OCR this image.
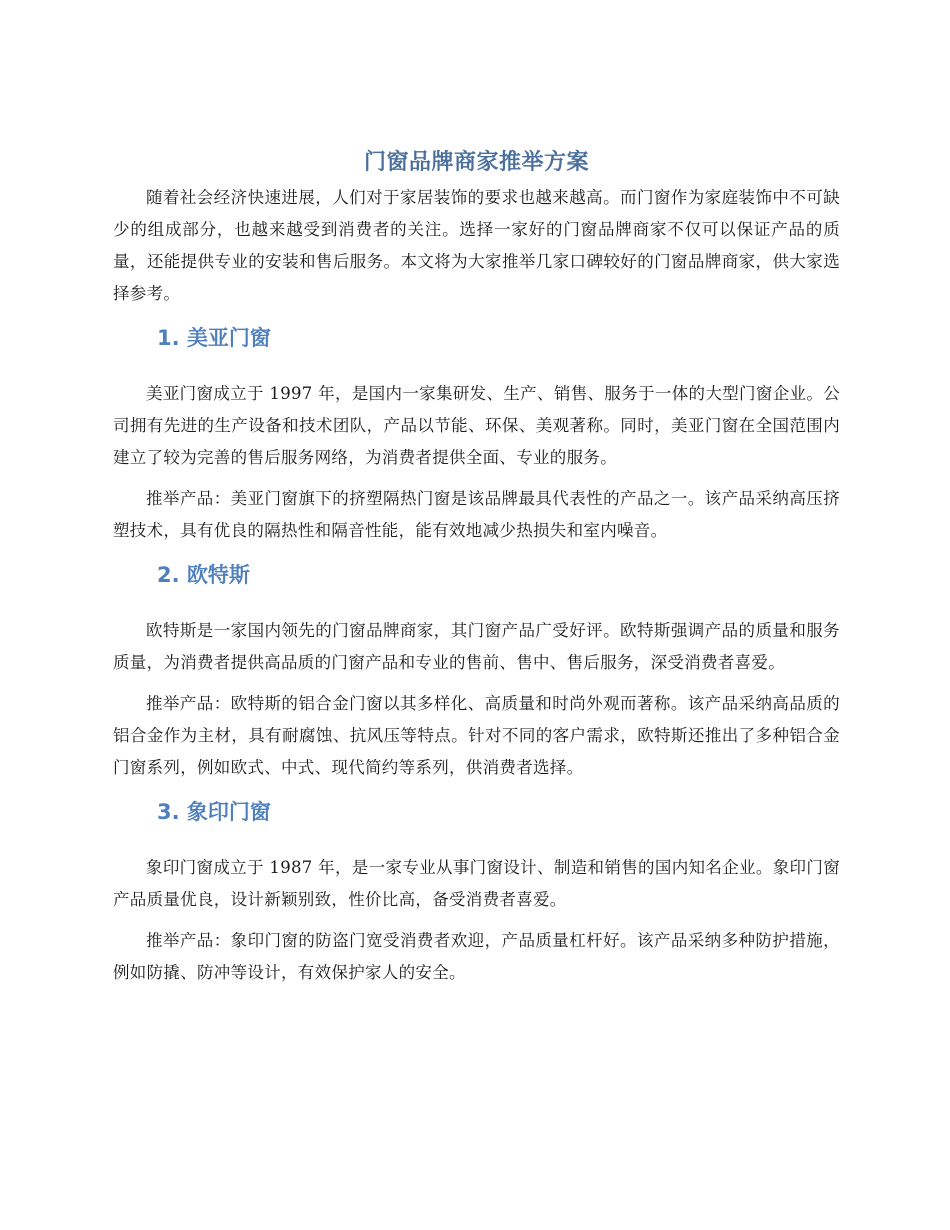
门窗品牌商家推举方案

随着社会经济快速进展，人们对于家居装饰的要求也越来越高。而门窗作为家庭装饰中不可缺少的组成部分，也越来越受到消费者的关注。选择一家好的门窗品牌商家不仅可以保证产品的质量，还能提供专业的安装和售后服务。本文将为大家推举几家口碑较好的门窗品牌商家，供大家选择参考。

1. 美亚门窗

美亚门窗成立于 1997 年，是国内一家集研发、生产、销售、服务于一体的大型门窗企业。公司拥有先进的生产设备和技术团队，产品以节能、环保、美观著称。同时，美亚门窗在全国范围内建立了较为完善的售后服务网络，为消费者提供全面、专业的服务。

推举产品：美亚门窗旗下的挤塑隔热门窗是该品牌最具代表性的产品之一。该产品采纳高压挤塑技术，具有优良的隔热性和隔音性能，能有效地减少热损失和室内噪音。

2. 欧特斯

欧特斯是一家国内领先的门窗品牌商家，其门窗产品广受好评。欧特斯强调产品的质量和服务质量，为消费者提供高品质的门窗产品和专业的售前、售中、售后服务，深受消费者喜爱。

推举产品：欧特斯的铝合金门窗以其多样化、高质量和时尚外观而著称。该产品采纳高品质的铝合金作为主材，具有耐腐蚀、抗风压等特点。针对不同的客户需求，欧特斯还推出了多种铝合金门窗系列，例如欧式、中式、现代简约等系列，供消费者选择。

3. 象印门窗

象印门窗成立于 1987 年，是一家专业从事门窗设计、制造和销售的国内知名企业。象印门窗产品质量优良，设计新颖别致，性价比高，备受消费者喜爱。

推举产品：象印门窗的防盗门宽受消费者欢迎，产品质量杠杆好。该产品采纳多种防护措施，例如防撬、防冲等设计，有效保护家人的安全。
